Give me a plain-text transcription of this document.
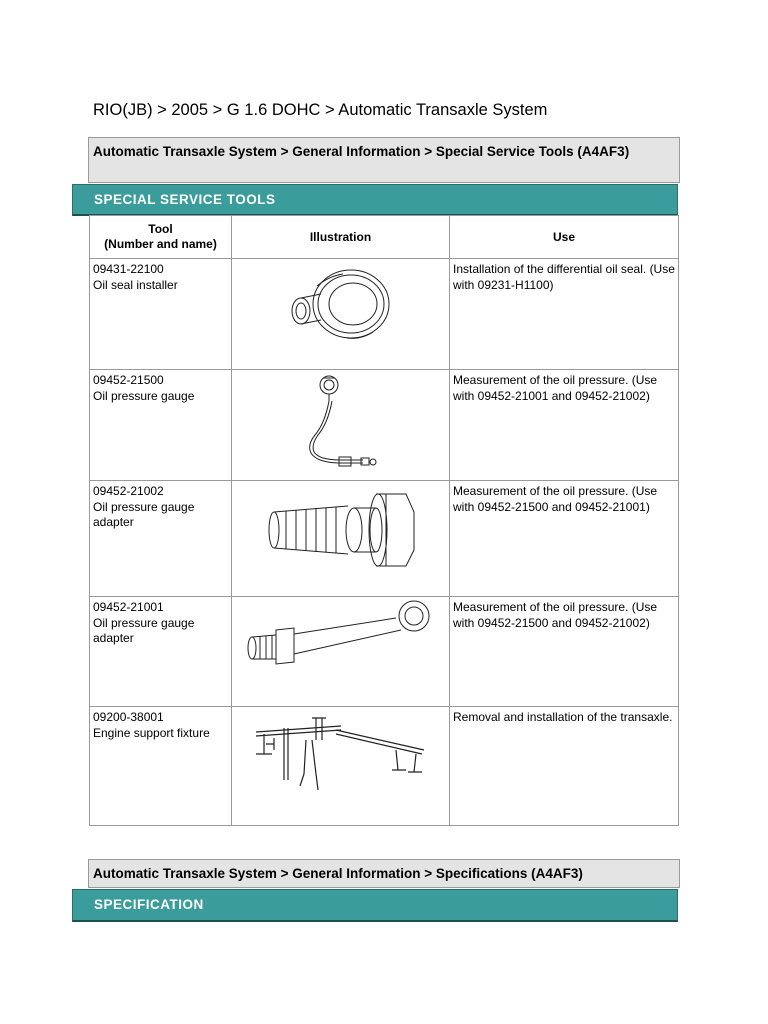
RIO(JB) > 2005 > G 1.6 DOHC > Automatic Transaxle System
Automatic Transaxle System > General Information > Special Service Tools (A4AF3)
SPECIAL SERVICE TOOLS
Tool
(Number and name)	Illustration	Use

09431-22100
Oil seal installer		Installation of the differential oil seal. (Use with 09231-H1100)

09452-21500
Oil pressure gauge		Measurement of the oil pressure. (Use with 09452-21001 and 09452-21002)

09452-21002
Oil pressure gauge adapter		Measurement of the oil pressure. (Use with 09452-21500 and 09452-21001)

09452-21001
Oil pressure gauge adapter		Measurement of the oil pressure. (Use with 09452-21500 and 09452-21002)

09200-38001
Engine support fixture		Removal and installation of the transaxle.
Automatic Transaxle System > General Information > Specifications (A4AF3)
SPECIFICATION
